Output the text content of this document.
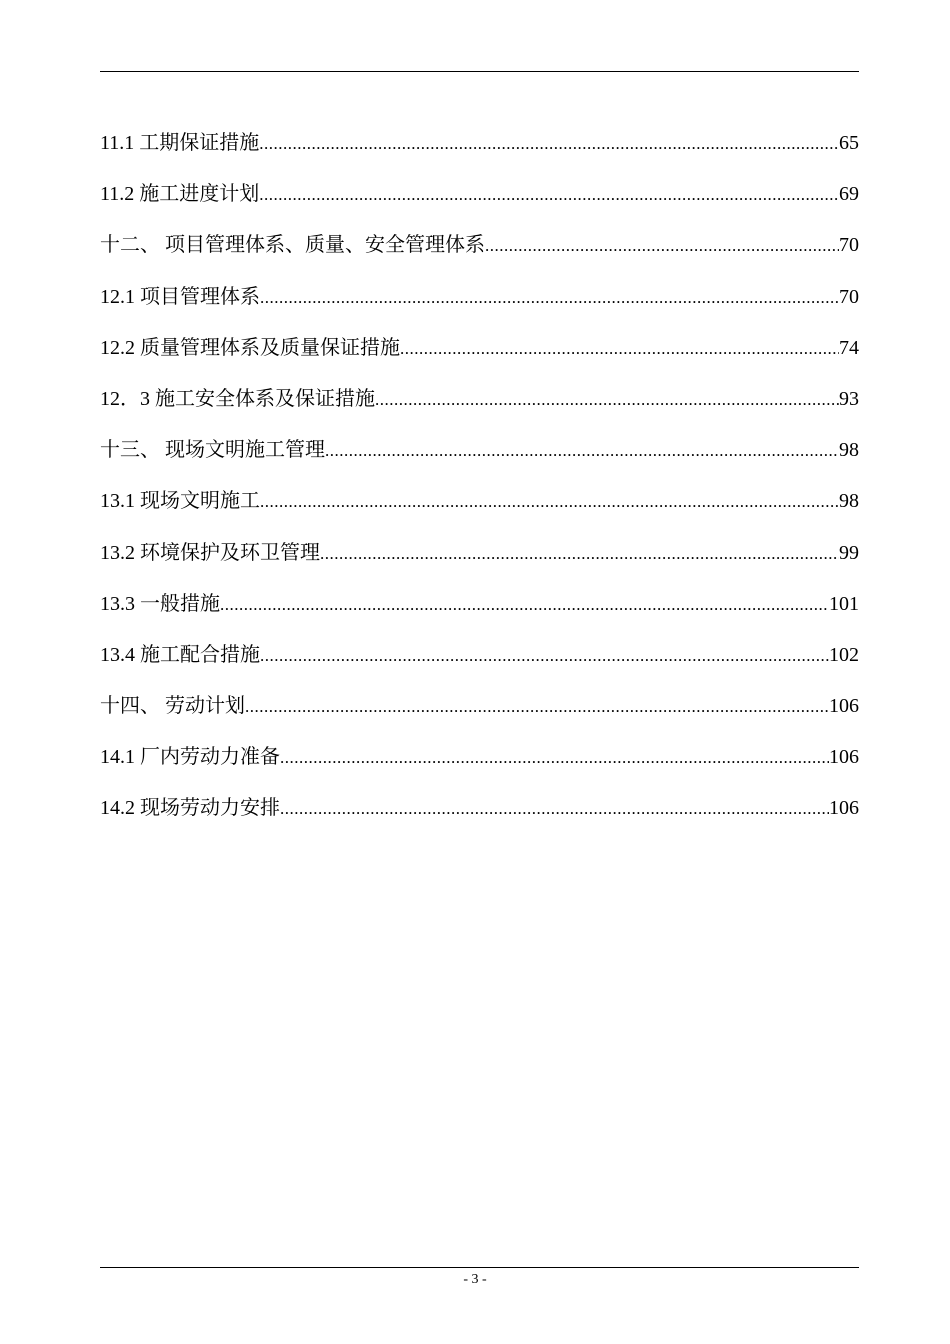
11.1 工期保证措施 .....	65
11.2 施工进度计划 .....	69
十二、 项目管理体系、质量、安全管理体系 .....	70
12.1 项目管理体系 .....	70
12.2 质量管理体系及质量保证措施 .....	74
12．3 施工安全体系及保证措施 .....	93
十三、 现场文明施工管理 .....	98
13.1 现场文明施工 .....	98
13.2 环境保护及环卫管理 .....	99
13.3 一般措施 .....	101
13.4 施工配合措施 .....	102
十四、 劳动计划 .....	106
14.1 厂内劳动力准备 .....	106
14.2 现场劳动力安排 .....	106
- 3 -
